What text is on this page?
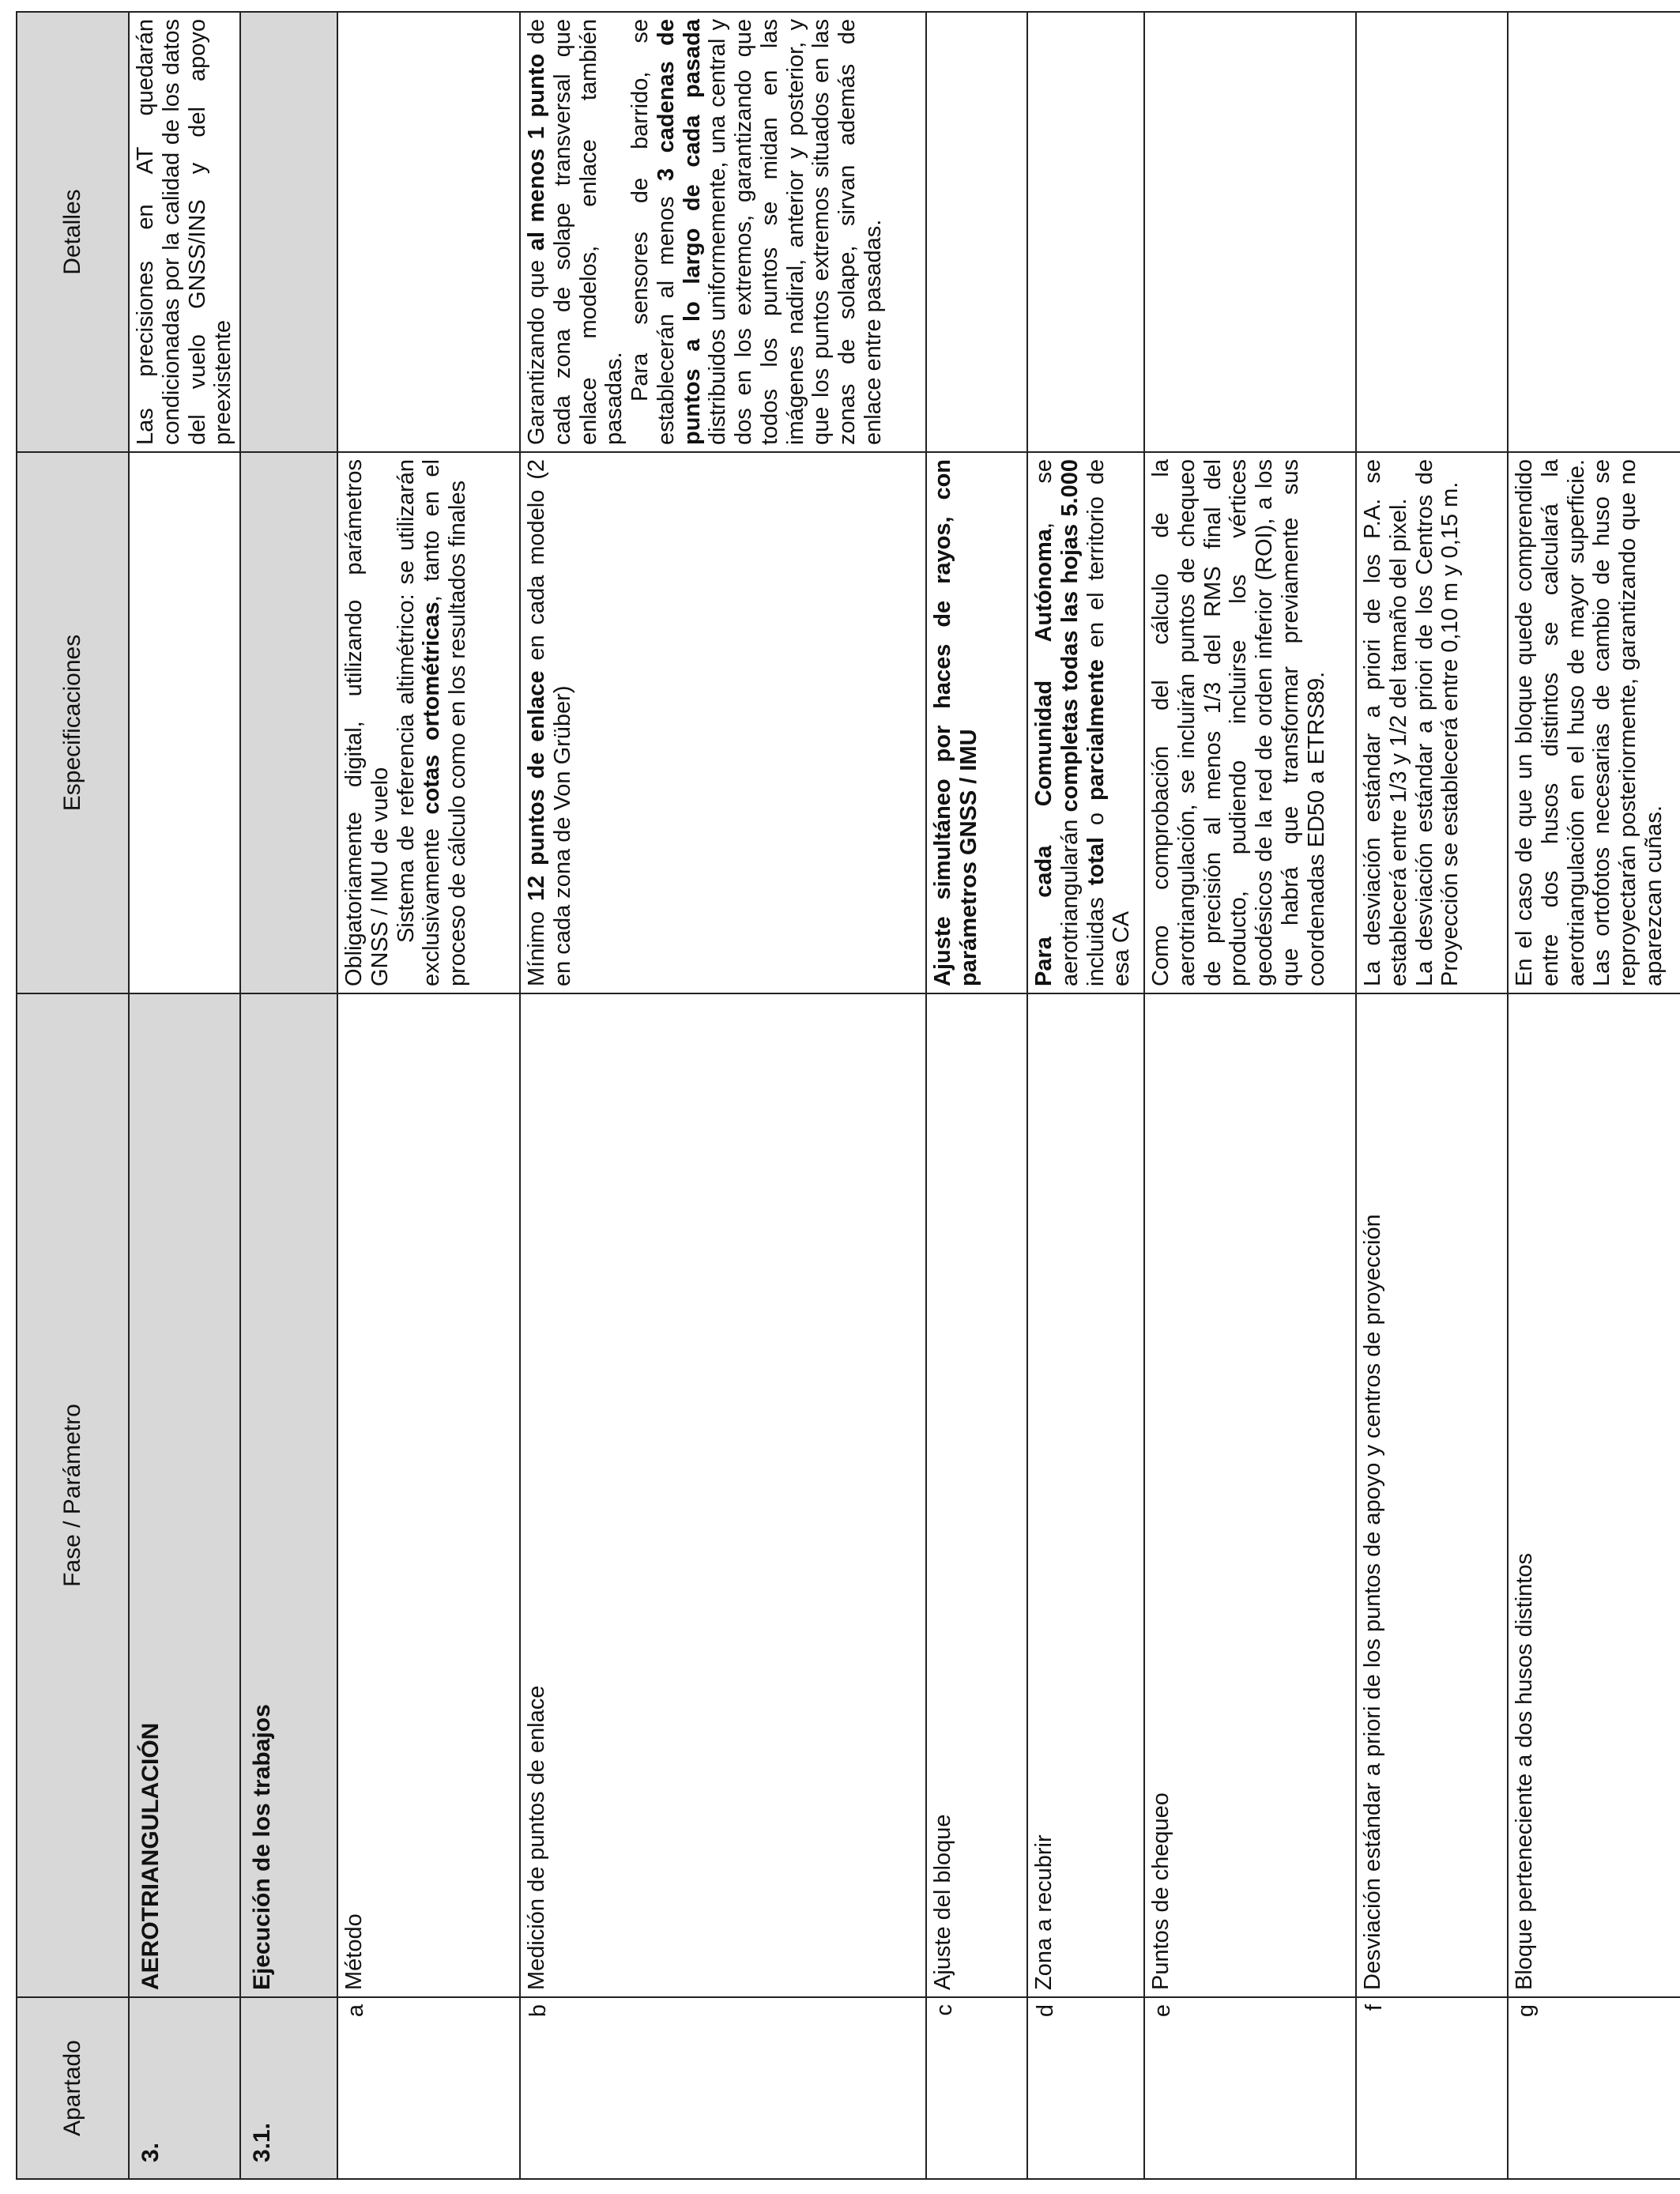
Apartado	Fase / Parámetro	Especificaciones	Detalles

3.	AEROTRIANGULACIÓN		Las precisiones en AT quedarán condicionadas por la calidad de los datos del vuelo GNSS/INS y del apoyo preexistente

3.1.	Ejecución de los trabajos		

a	Método	Obligatoriamente digital, utilizando parámetros GNSS / IMU de vuelo Sistema de referencia altimétrico: se utilizarán exclusivamente cotas ortométricas, tanto en el proceso de cálculo como en los resultados finales	

b	Medición de puntos de enlace	Mínimo 12 puntos de enlace en cada modelo (2 en cada zona de Von Grüber)	Garantizando que al menos 1 punto de cada zona de solape transversal que enlace modelos, enlace también pasadas. Para sensores de barrido, se establecerán al menos 3 cadenas de puntos a lo largo de cada pasada distribuidos uniformemente, una central y dos en los extremos, garantizando que todos los puntos se midan en las imágenes nadiral, anterior y posterior, y que los puntos extremos situados en las zonas de solape, sirvan además de enlace entre pasadas.

c	Ajuste del bloque	Ajuste simultáneo por haces de rayos, con parámetros GNSS / IMU	

d	Zona a recubrir	Para cada Comunidad Autónoma, se aerotriangularán completas todas las hojas 5.000 incluidas total o parcialmente en el territorio de esa CA	

e	Puntos de chequeo	Como comprobación del cálculo de la aerotriangulación, se incluirán puntos de chequeo de precisión al menos 1/3 del RMS final del producto, pudiendo incluirse los vértices geodésicos de la red de orden inferior (ROI), a los que habrá que transformar previamente sus coordenadas ED50 a ETRS89.	

f	Desviación estándar a priori de los puntos de apoyo y centros de proyección	La desviación estándar a priori de los P.A. se establecerá entre 1/3 y 1/2 del tamaño del pixel. La desviación estándar a priori de los Centros de Proyección se establecerá entre 0,10 m y 0,15 m.	

g	Bloque perteneciente a dos husos distintos	En el caso de que un bloque quede comprendido entre dos husos distintos se calculará la aerotriangulación en el huso de mayor superficie. Las ortofotos necesarias de cambio de huso se reproyectarán posteriormente, garantizando que no aparezcan cuñas.	
